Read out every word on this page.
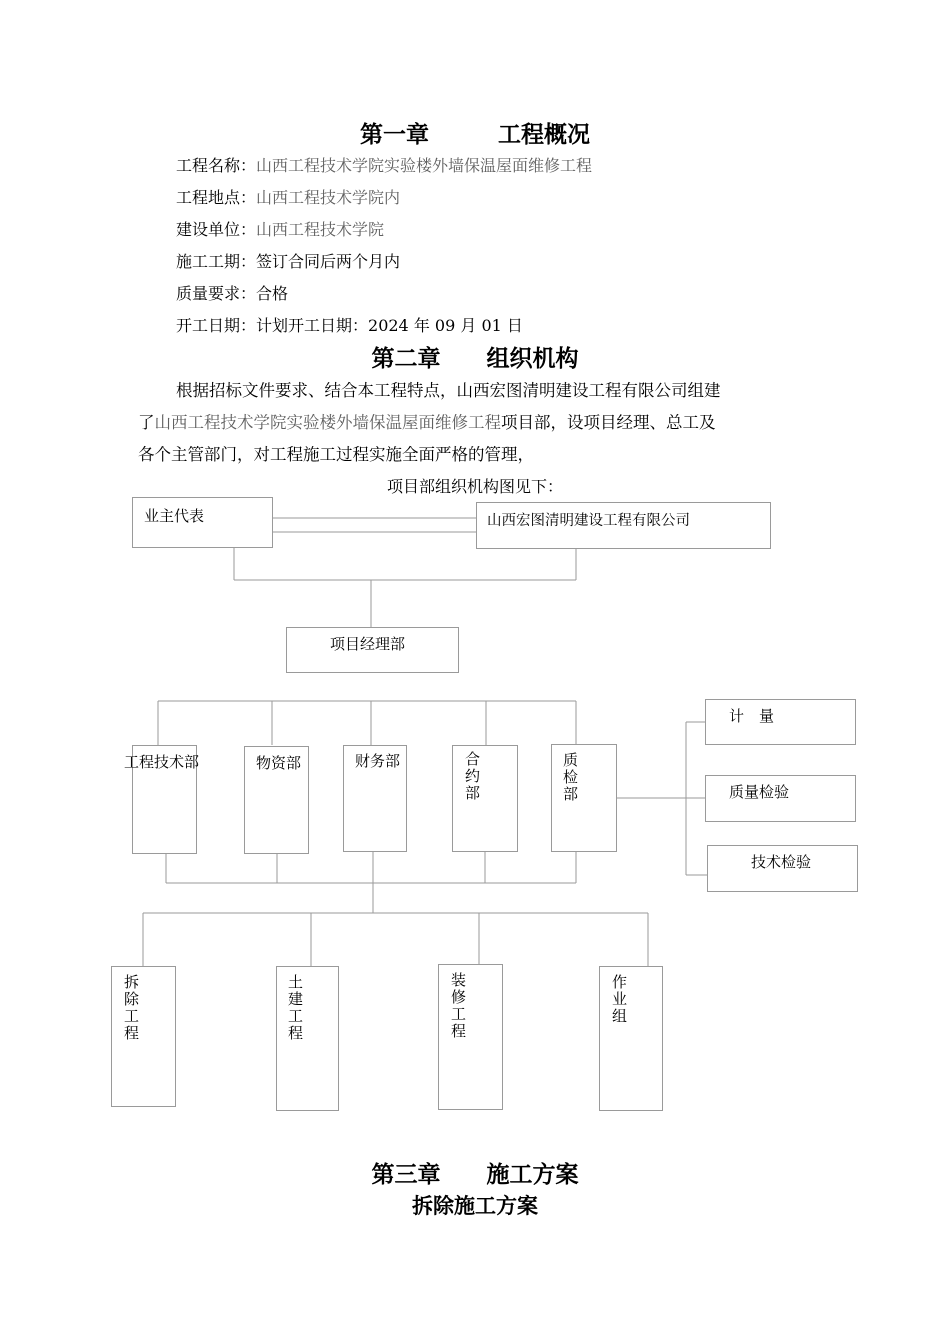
第一章　　　	工程概况
工程名称：山西工程技术学院实验楼外墙保温屋面维修工程
工程地点：山西工程技术学院内
建设单位：山西工程技术学院
施工工期：签订合同后两个月内
质量要求：合格
开工日期：计划开工日期：2024 年 09 月 01 日
第二章　　 组织机构
根据招标文件要求、结合本工程特点，山西宏图清明建设工程有限公司组建
了山西工程技术学院实验楼外墙保温屋面维修工程项目部，设项目经理、总工及
各个主管部门，对工程施工过程实施全面严格的管理，
项目部组织机构图见下：
业主代表	山西宏图清明建设工程有限公司
项目经理部
工程技术部	物资部	财务部	合约部
质检部
计　量
质量检验
技术检验
拆除工程
土建工程
装修工程
作业组
第三章　　 施工方案
拆除施工方案
